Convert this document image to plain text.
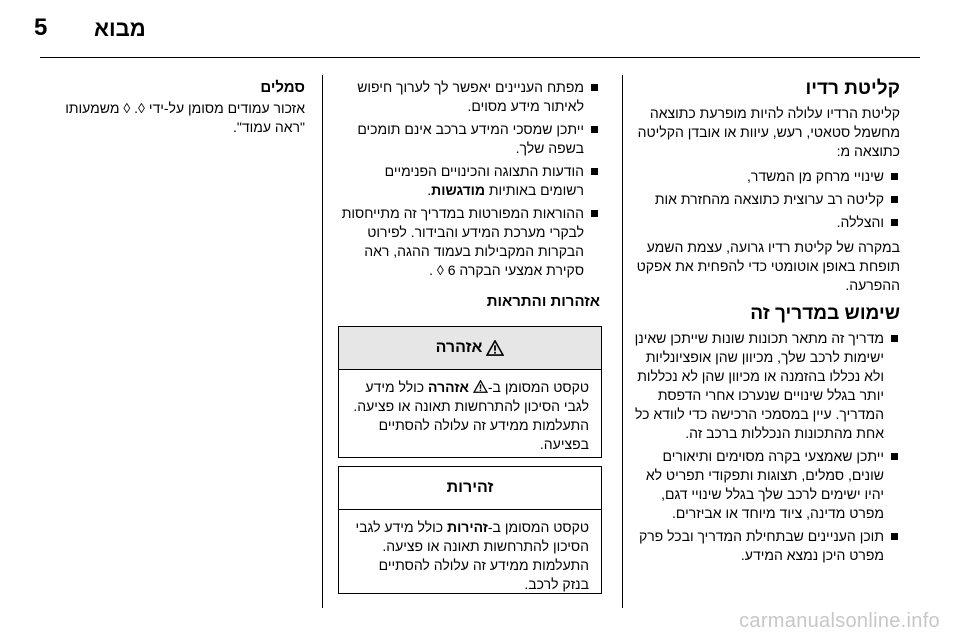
5 מבוא
קליטת רדיו

קליטת הרדיו עלולה להיות מופרעת כתוצאה מחשמל סטאטי, רעש, עיוות או אובדן הקליטה כתוצאה מ:

שינויי מרחק מן המשדר,
קליטה רב ערוצית כתוצאה מהחזרת אות
והצללה.

במקרה של קליטת רדיו גרועה, עצמת השמע תופחת באופן אוטומטי כדי להפחית את אפקט ההפרעה.

שימוש במדריך זה
מדריך זה מתאר תכונות שונות שייתכן שאינן ישימות לרכב שלך, מכיוון שהן אופציונליות ולא נכללו בהזמנה או מכיוון שהן לא נכללות יותר בגלל שינויים שנערכו אחרי הדפסת המדריך. עיין במסמכי הרכישה כדי לוודא כל אחת מהתכונות הנכללות ברכב זה.
ייתכן שאמצעי בקרה מסוימים ותיאורים שונים, סמלים, תצוגות ותפקודי תפריט לא יהיו ישימים לרכב שלך בגלל שינויי דגם, מפרט מדינה, ציוד מיוחד או אביזרים.
תוכן העניינים שבתחילת המדריך ובכל פרק מפרט היכן נמצא המידע.
מפתח העניינים יאפשר לך לערוך חיפוש לאיתור מידע מסוים.
ייתכן שמסכי המידע ברכב אינם תומכים בשפה שלך.
הודעות התצוגה והכינויים הפנימיים רשומים באותיות מודגשות.
ההוראות המפורטות במדריך זה מתייחסות לבקרי מערכת המידע והבידור. לפירוט הבקרות המקבילות בעמוד ההגה, ראה סקירת אמצעי הבקרה 6 ◊ .
אזהרות והתראות
אזהרה
טקסט המסומן ב- אזהרה כולל מידע לגבי הסיכון להתרחשות תאונה או פציעה. התעלמות ממידע זה עלולה להסתיים בפציעה.
זהירות
טקסט המסומן ב-זהירות כולל מידע לגבי הסיכון להתרחשות תאונה או פציעה. התעלמות ממידע זה עלולה להסתיים בנזק לרכב.
סמלים

אזכור עמודים מסומן על-ידי ◊. ◊ משמעותו "ראה עמוד".

carmanualsonline.info
